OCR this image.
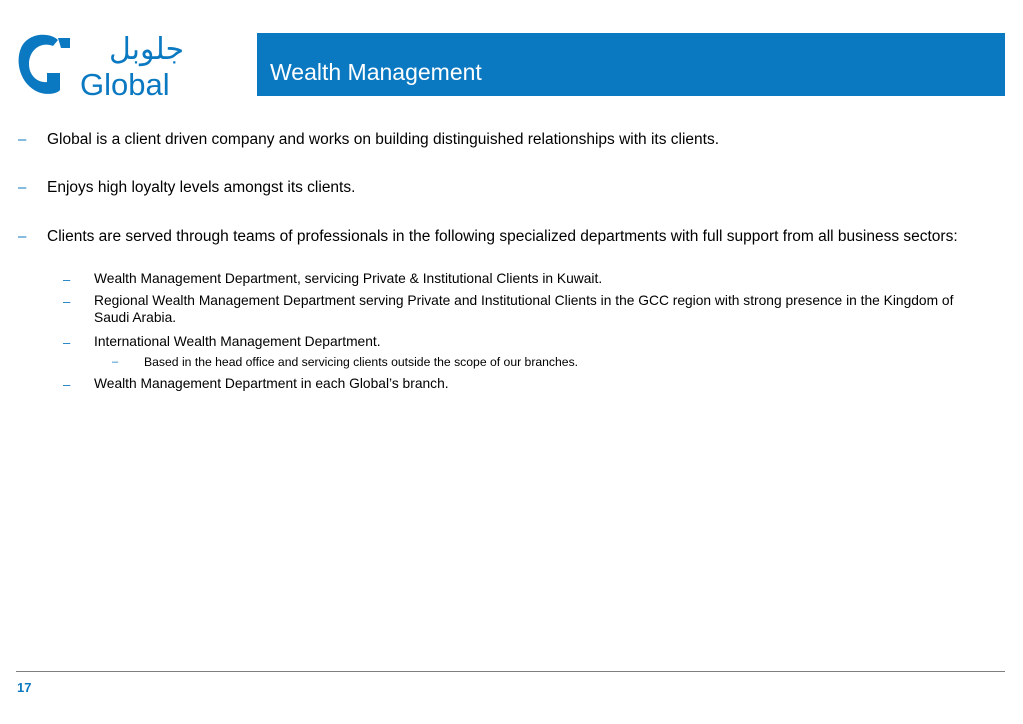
جلوبل
Global	Wealth Management
– Global is a client driven company and works on building distinguished relationships with its clients.
– Enjoys high loyalty levels amongst its clients.
– Clients are served through teams of professionals in the following specialized departments with full support from all business sectors:
– Wealth Management Department, servicing Private & Institutional Clients in Kuwait.
– Regional Wealth Management Department serving Private and Institutional Clients in the GCC region with strong presence in the Kingdom of Saudi Arabia.
– International Wealth Management Department.
– Based in the head office and servicing clients outside the scope of our branches.
– Wealth Management Department in each Global’s branch.
17
